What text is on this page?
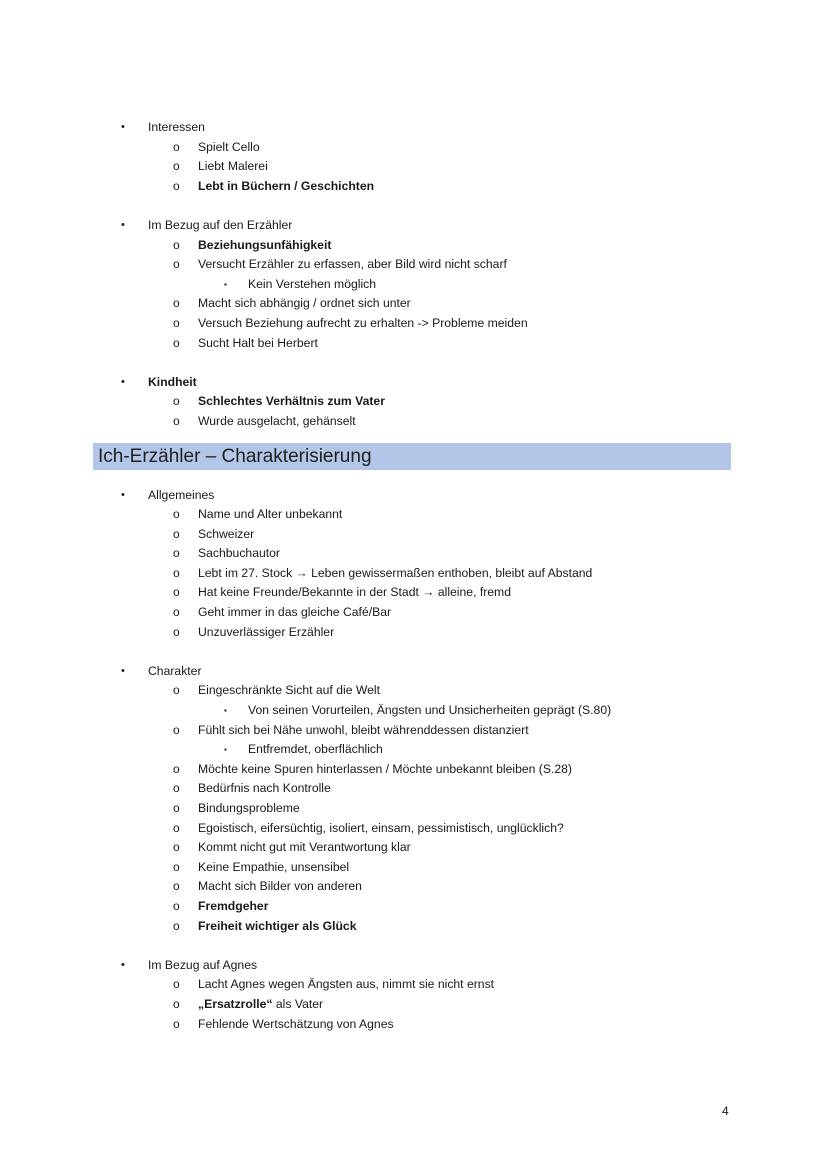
• Interessen
o Spielt Cello
o Liebt Malerei
o Lebt in Büchern / Geschichten
• Im Bezug auf den Erzähler
o Beziehungsunfähigkeit
o Versucht Erzähler zu erfassen, aber Bild wird nicht scharf
▪ Kein Verstehen möglich
o Macht sich abhängig / ordnet sich unter
o Versuch Beziehung aufrecht zu erhalten -> Probleme meiden
o Sucht Halt bei Herbert
• Kindheit
o Schlechtes Verhältnis zum Vater
o Wurde ausgelacht, gehänselt
Ich-Erzähler – Charakterisierung
• Allgemeines
o Name und Alter unbekannt
o Schweizer
o Sachbuchautor
o Lebt im 27. Stock → Leben gewissermaßen enthoben, bleibt auf Abstand
o Hat keine Freunde/Bekannte in der Stadt → alleine, fremd
o Geht immer in das gleiche Café/Bar
o Unzuverlässiger Erzähler
• Charakter
o Eingeschränkte Sicht auf die Welt
▪ Von seinen Vorurteilen, Ängsten und Unsicherheiten geprägt (S.80)
o Fühlt sich bei Nähe unwohl, bleibt währenddessen distanziert
▪ Entfremdet, oberflächlich
o Möchte keine Spuren hinterlassen / Möchte unbekannt bleiben (S.28)
o Bedürfnis nach Kontrolle
o Bindungsprobleme
o Egoistisch, eifersüchtig, isoliert, einsam, pessimistisch, unglücklich?
o Kommt nicht gut mit Verantwortung klar
o Keine Empathie, unsensibel
o Macht sich Bilder von anderen
o Fremdgeher
o Freiheit wichtiger als Glück
• Im Bezug auf Agnes
o Lacht Agnes wegen Ängsten aus, nimmt sie nicht ernst
o „Ersatzrolle“ als Vater
o Fehlende Wertschätzung von Agnes
4
